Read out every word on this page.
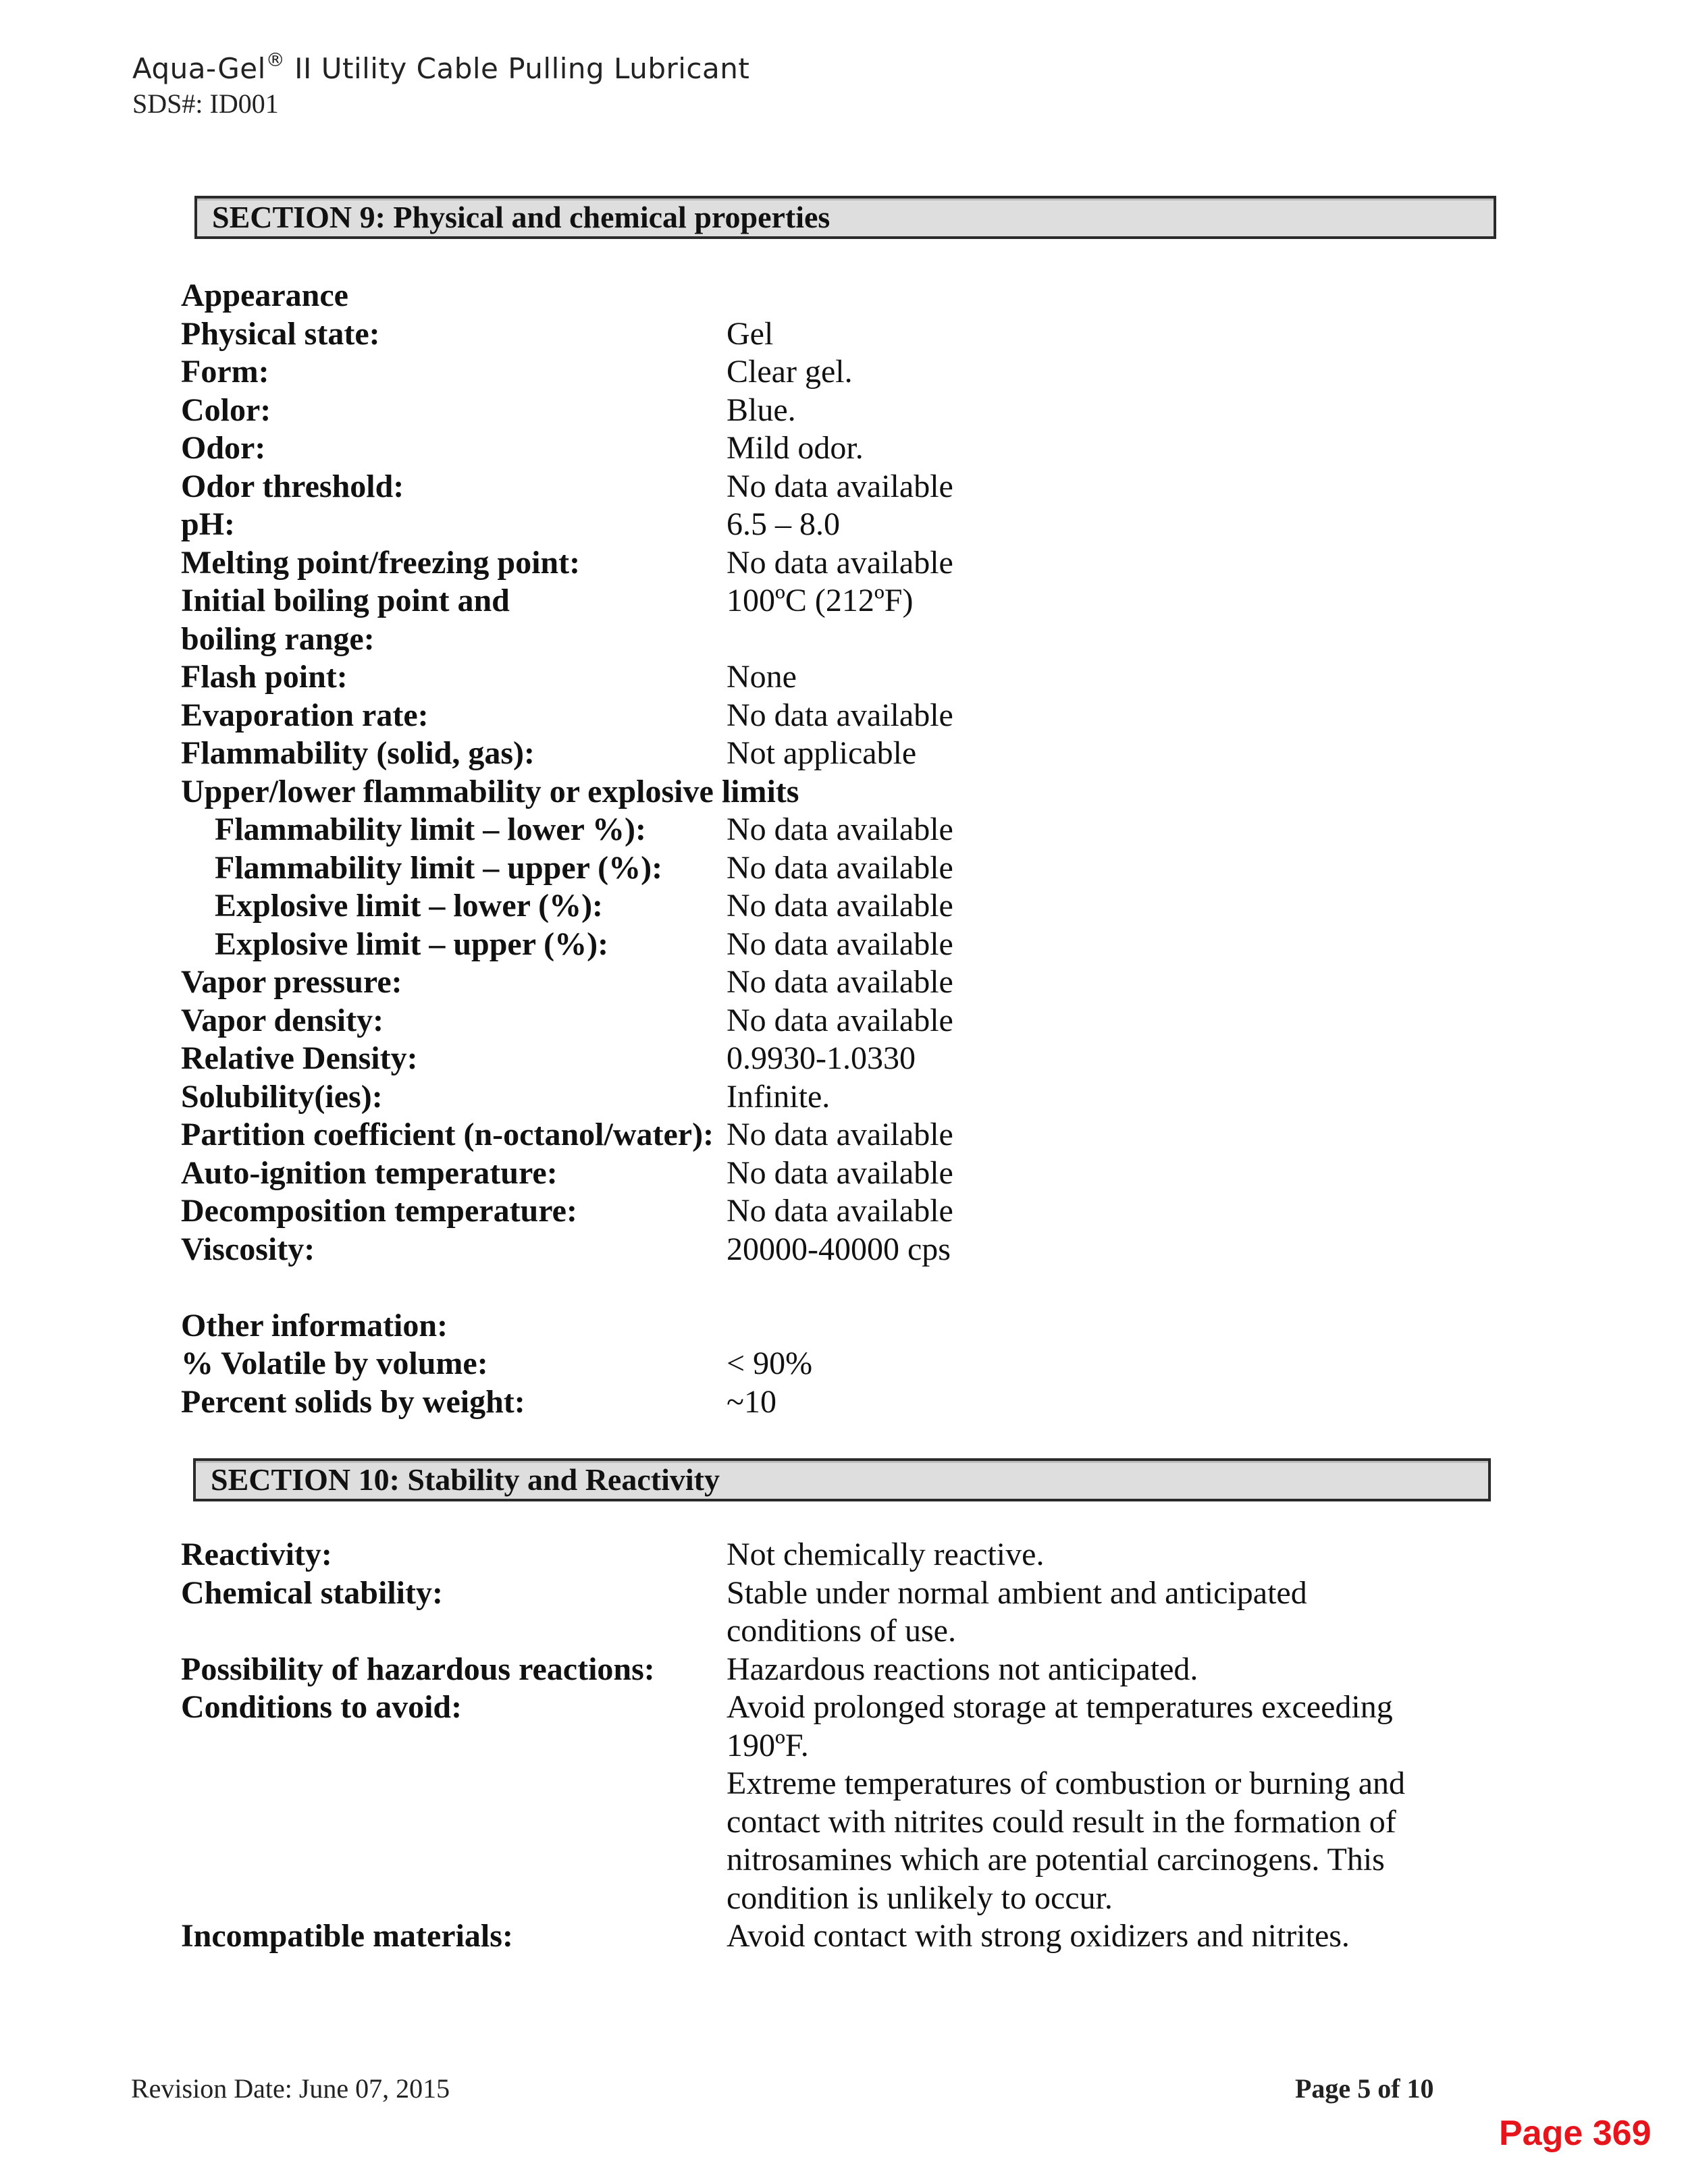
Aqua-Gel® II Utility Cable Pulling Lubricant
SDS#: ID001
SECTION 9: Physical and chemical properties
Appearance
Physical state:	Gel
Form:	Clear gel.
Color:	Blue.
Odor:	Mild odor.
Odor threshold:	No data available
pH:	6.5 – 8.0
Melting point/freezing point:	No data available
Initial boiling point and	100ºC (212ºF)
boiling range:
Flash point:	None
Evaporation rate:	No data available
Flammability (solid, gas):	Not applicable
Upper/lower flammability or explosive limits
Flammability limit – lower %): No data available
Flammability limit – upper (%): No data available
Explosive limit – lower (%):	No data available
Explosive limit – upper (%):	No data available
Vapor pressure:	No data available
Vapor density:	No data available
Relative Density:	0.9930-1.0330
Solubility(ies):	Infinite.
Partition coefficient (n-octanol/water): No data available
Auto-ignition temperature:	No data available
Decomposition temperature:	No data available
Viscosity:	20000-40000 cps
Other information:
% Volatile by volume:	< 90%
Percent solids by weight:	~10
SECTION 10: Stability and Reactivity
Reactivity:	Not chemically reactive.
Chemical stability:	Stable under normal ambient and anticipated conditions of use.
Possibility of hazardous reactions: Hazardous reactions not anticipated.
Conditions to avoid:	Avoid prolonged storage at temperatures exceeding 190ºF.
Extreme temperatures of combustion or burning and contact with nitrites could result in the formation of nitrosamines which are potential carcinogens. This condition is unlikely to occur.
Incompatible materials:	Avoid contact with strong oxidizers and nitrites.
Revision Date: June 07, 2015	Page 5 of 10
Page 369
